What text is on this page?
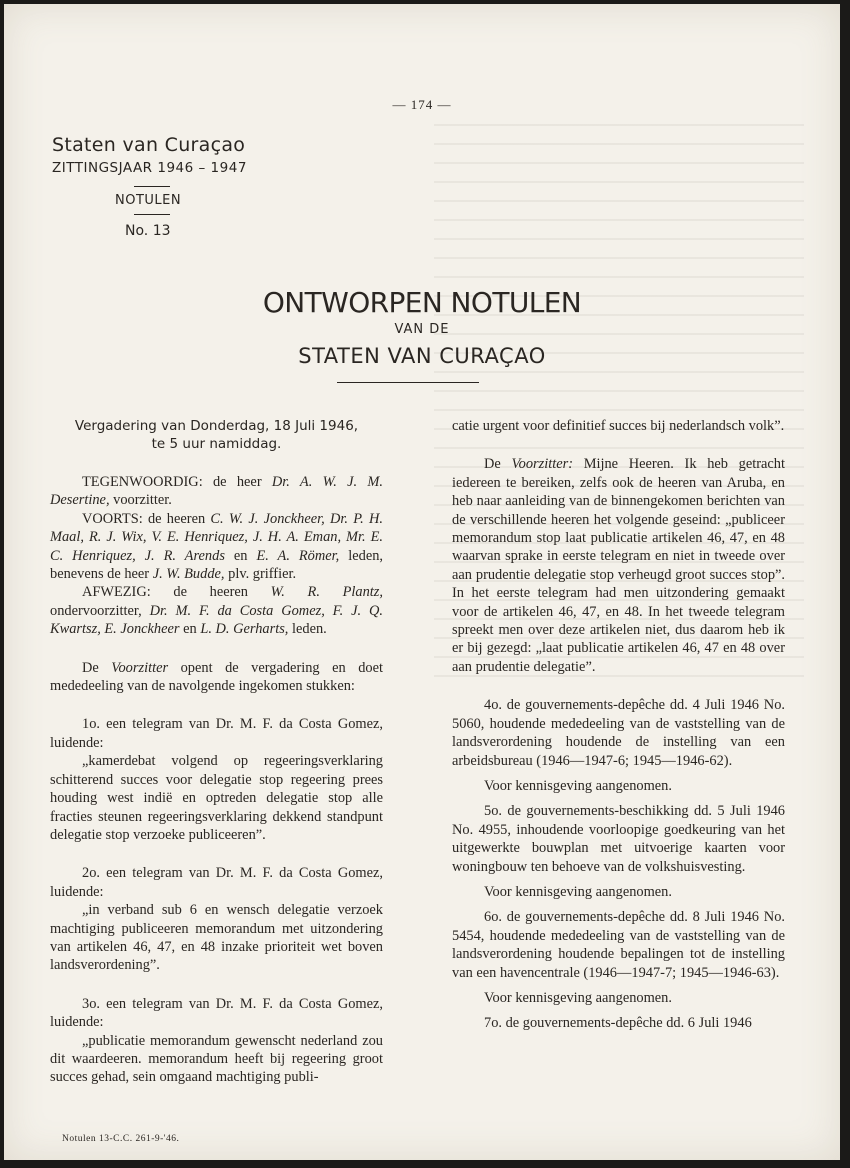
— 174 —
Staten van Curaçao
ZITTINGSJAAR 1946 – 1947
NOTULEN
No. 13
ONTWORPEN NOTULEN
VAN DE
STATEN VAN CURAÇAO
Vergadering van Donderdag, 18 Juli 1946,
te 5 uur namiddag.

TEGENWOORDIG: de heer Dr. A. W. J. M. Desertine, voorzitter.

VOORTS: de heeren C. W. J. Jonckheer, Dr. P. H. Maal, R. J. Wix, V. E. Henriquez, J. H. A. Eman, Mr. E. C. Henriquez, J. R. Arends en E. A. Römer, leden, benevens de heer J. W. Budde, plv. griffier.

AFWEZIG: de heeren W. R. Plantz, ondervoorzitter, Dr. M. F. da Costa Gomez, F. J. Q. Kwartsz, E. Jonckheer en L. D. Gerharts, leden.

De Voorzitter opent de vergadering en doet mededeeling van de navolgende ingekomen stukken:

1o. een telegram van Dr. M. F. da Costa Gomez, luidende:

„kamerdebat volgend op regeeringsverklaring schitterend succes voor delegatie stop regeering prees houding west indië en optreden delegatie stop alle fracties steunen regeeringsverklaring dekkend standpunt delegatie stop verzoeke publiceeren”.

2o. een telegram van Dr. M. F. da Costa Gomez, luidende:

„in verband sub 6 en wensch delegatie verzoek machtiging publiceeren memorandum met uitzondering van artikelen 46, 47, en 48 inzake prioriteit wet boven landsverordening”.

3o. een telegram van Dr. M. F. da Costa Gomez, luidende:

„publicatie memorandum gewenscht nederland zou dit waardeeren. memorandum heeft bij regeering groot succes gehad, sein omgaand machtiging publi-

catie urgent voor definitief succes bij nederlandsch volk”.

De Voorzitter: Mijne Heeren. Ik heb getracht iedereen te bereiken, zelfs ook de heeren van Aruba, en heb naar aanleiding van de binnengekomen berichten van de verschillende heeren het volgende geseind: „publiceer memorandum stop laat publicatie artikelen 46, 47, en 48 waarvan sprake in eerste telegram en niet in tweede over aan prudentie delegatie stop verheugd groot succes stop”. In het eerste telegram had men uitzondering gemaakt voor de artikelen 46, 47, en 48. In het tweede telegram spreekt men over deze artikelen niet, dus daarom heb ik er bij gezegd: „laat publicatie artikelen 46, 47 en 48 over aan prudentie delegatie”.

4o. de gouvernements-depêche dd. 4 Juli 1946 No. 5060, houdende mededeeling van de vaststelling van de landsverordening houdende de instelling van een arbeidsbureau (1946—1947-6; 1945—1946-62).

Voor kennisgeving aangenomen.

5o. de gouvernements-beschikking dd. 5 Juli 1946 No. 4955, inhoudende voorloopige goedkeuring van het uitgewerkte bouwplan met uitvoerige kaarten voor woningbouw ten behoeve van de volkshuisvesting.

Voor kennisgeving aangenomen.

6o. de gouvernements-depêche dd. 8 Juli 1946 No. 5454, houdende mededeeling van de vaststelling van de landsverordening houdende bepalingen tot de instelling van een havencentrale (1946—1947-7; 1945—1946-63).

Voor kennisgeving aangenomen.

7o. de gouvernements-depêche dd. 6 Juli 1946

Notulen 13-C.C. 261-9-'46.
